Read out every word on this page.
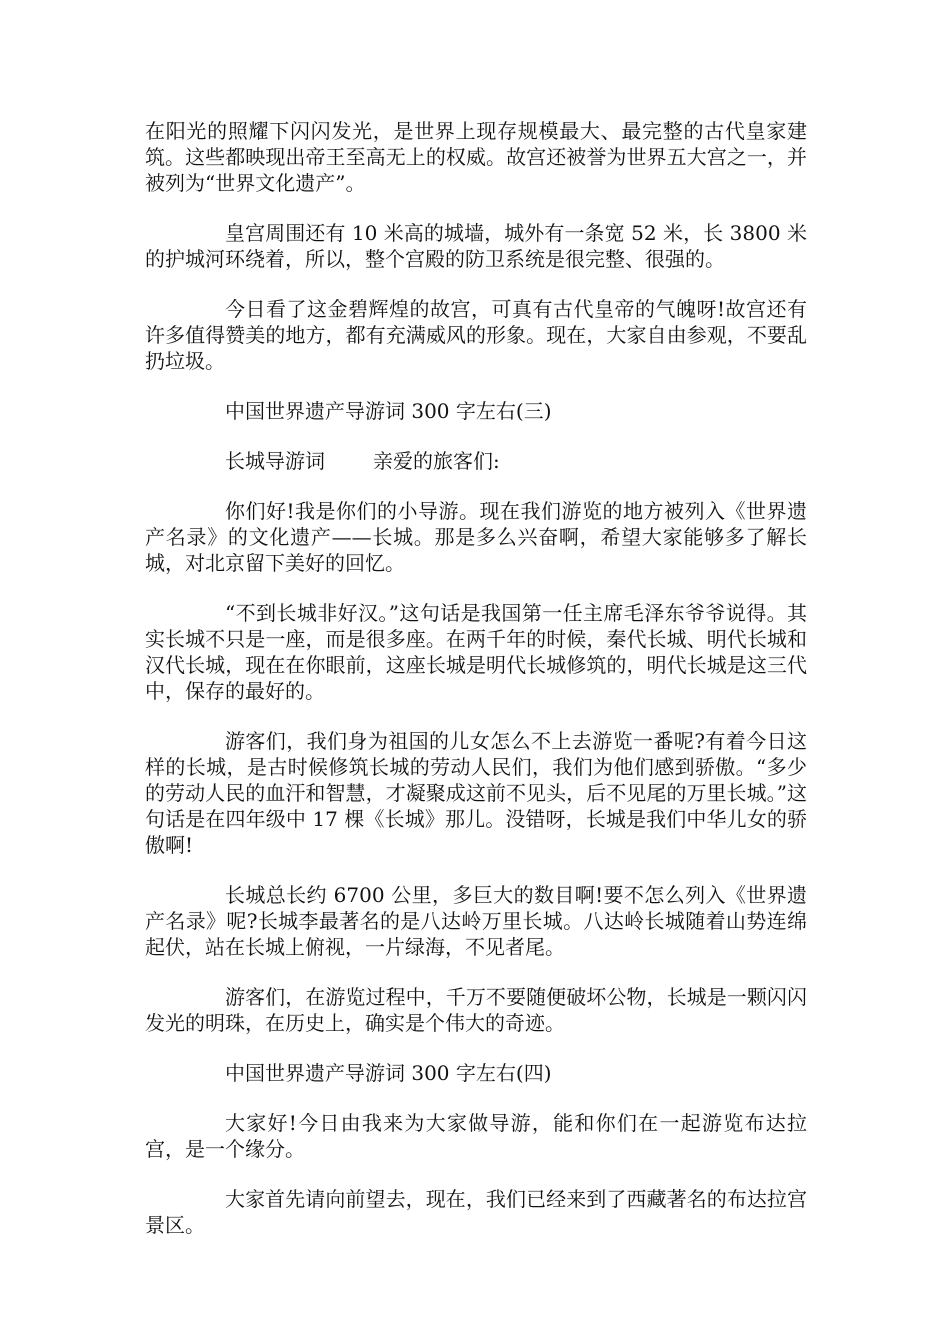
在阳光的照耀下闪闪发光，是世界上现存规模最大、最完整的古代皇家建筑。这些都映现出帝王至高无上的权威。故宫还被誉为世界五大宫之一，并被列为“世界文化遗产”。

皇宫周围还有 10 米高的城墙，城外有一条宽 52 米，长 3800 米的护城河环绕着，所以，整个宫殿的防卫系统是很完整、很强的。

今日看了这金碧辉煌的故宫，可真有古代皇帝的气魄呀!故宫还有许多值得赞美的地方，都有充满威风的形象。现在，大家自由参观，不要乱扔垃圾。

中国世界遗产导游词 300 字左右(三)

长城导游词 亲爱的旅客们:

你们好!我是你们的小导游。现在我们游览的地方被列入《世界遗产名录》的文化遗产——长城。那是多么兴奋啊，希望大家能够多了解长城，对北京留下美好的回忆。

“不到长城非好汉。”这句话是我国第一任主席毛泽东爷爷说得。其实长城不只是一座，而是很多座。在两千年的时候，秦代长城、明代长城和汉代长城，现在在你眼前，这座长城是明代长城修筑的，明代长城是这三代中，保存的最好的。

游客们，我们身为祖国的儿女怎么不上去游览一番呢?有着今日这样的长城，是古时候修筑长城的劳动人民们，我们为他们感到骄傲。“多少的劳动人民的血汗和智慧，才凝聚成这前不见头，后不见尾的万里长城。”这句话是在四年级中 17 棵《长城》那儿。没错呀，长城是我们中华儿女的骄傲啊!

长城总长约 6700 公里，多巨大的数目啊!要不怎么列入《世界遗产名录》呢?长城李最著名的是八达岭万里长城。八达岭长城随着山势连绵起伏，站在长城上俯视，一片绿海，不见者尾。

游客们，在游览过程中，千万不要随便破坏公物，长城是一颗闪闪发光的明珠，在历史上，确实是个伟大的奇迹。

中国世界遗产导游词 300 字左右(四)

大家好!今日由我来为大家做导游，能和你们在一起游览布达拉宫，是一个缘分。

大家首先请向前望去，现在，我们已经来到了西藏著名的布达拉宫景区。
